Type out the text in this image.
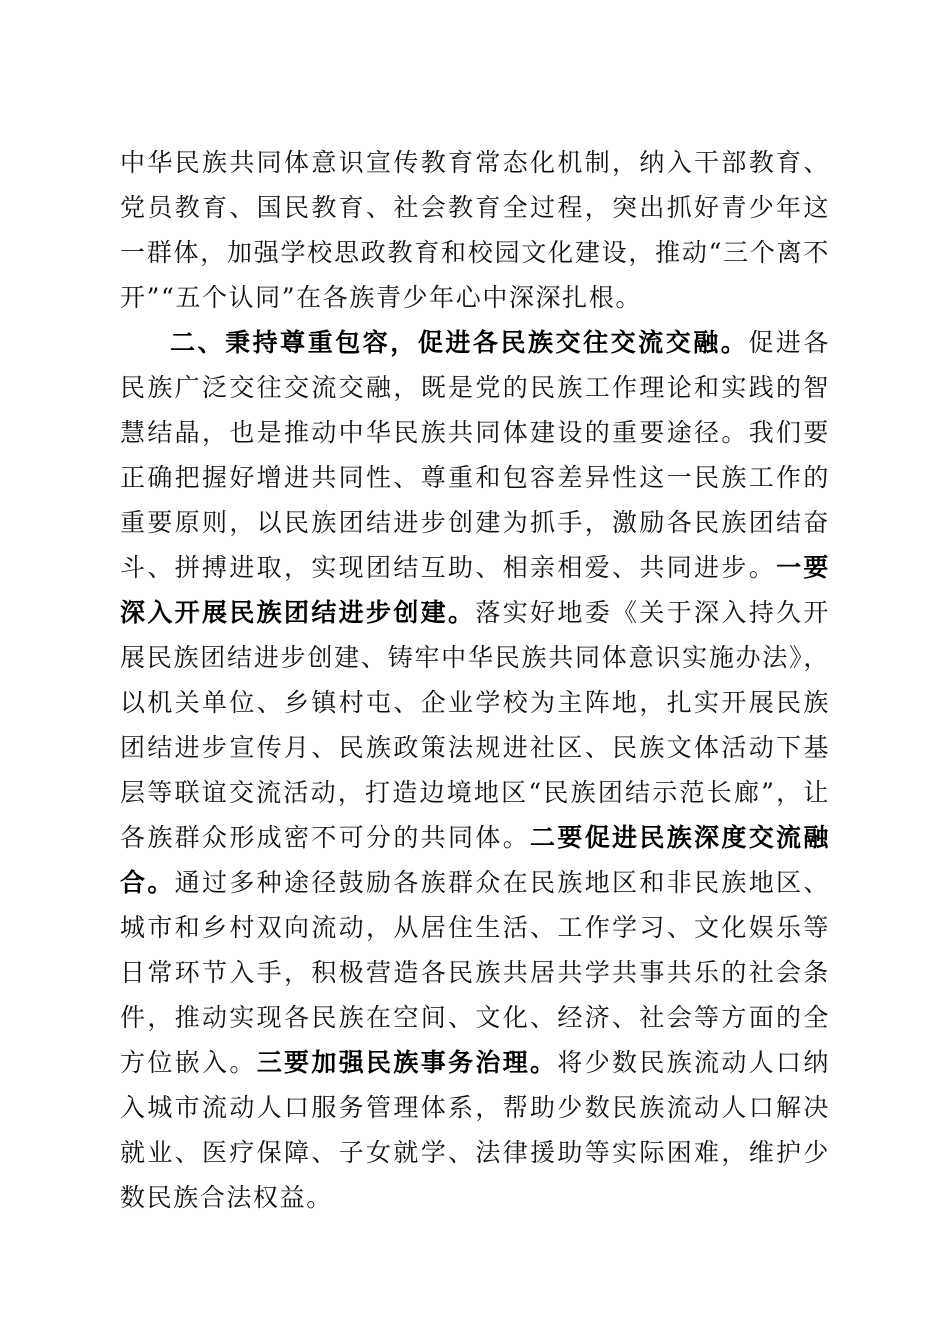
中华民族共同体意识宣传教育常态化机制，纳入干部教育、党员教育、国民教育、社会教育全过程，突出抓好青少年这一群体，加强学校思政教育和校园文化建设，推动“三个离不开”“五个认同”在各族青少年心中深深扎根。

二、秉持尊重包容，促进各民族交往交流交融。促进各民族广泛交往交流交融，既是党的民族工作理论和实践的智慧结晶，也是推动中华民族共同体建设的重要途径。我们要正确把握好增进共同性、尊重和包容差异性这一民族工作的重要原则，以民族团结进步创建为抓手，激励各民族团结奋斗、拼搏进取，实现团结互助、相亲相爱、共同进步。一要深入开展民族团结进步创建。落实好地委《关于深入持久开展民族团结进步创建、铸牢中华民族共同体意识实施办法》，以机关单位、乡镇村屯、企业学校为主阵地，扎实开展民族团结进步宣传月、民族政策法规进社区、民族文体活动下基层等联谊交流活动，打造边境地区“民族团结示范长廊”，让各族群众形成密不可分的共同体。二要促进民族深度交流融合。通过多种途径鼓励各族群众在民族地区和非民族地区、城市和乡村双向流动，从居住生活、工作学习、文化娱乐等日常环节入手，积极营造各民族共居共学共事共乐的社会条件，推动实现各民族在空间、文化、经济、社会等方面的全方位嵌入。三要加强民族事务治理。将少数民族流动人口纳入城市流动人口服务管理体系，帮助少数民族流动人口解决就业、医疗保障、子女就学、法律援助等实际困难，维护少数民族合法权益。
